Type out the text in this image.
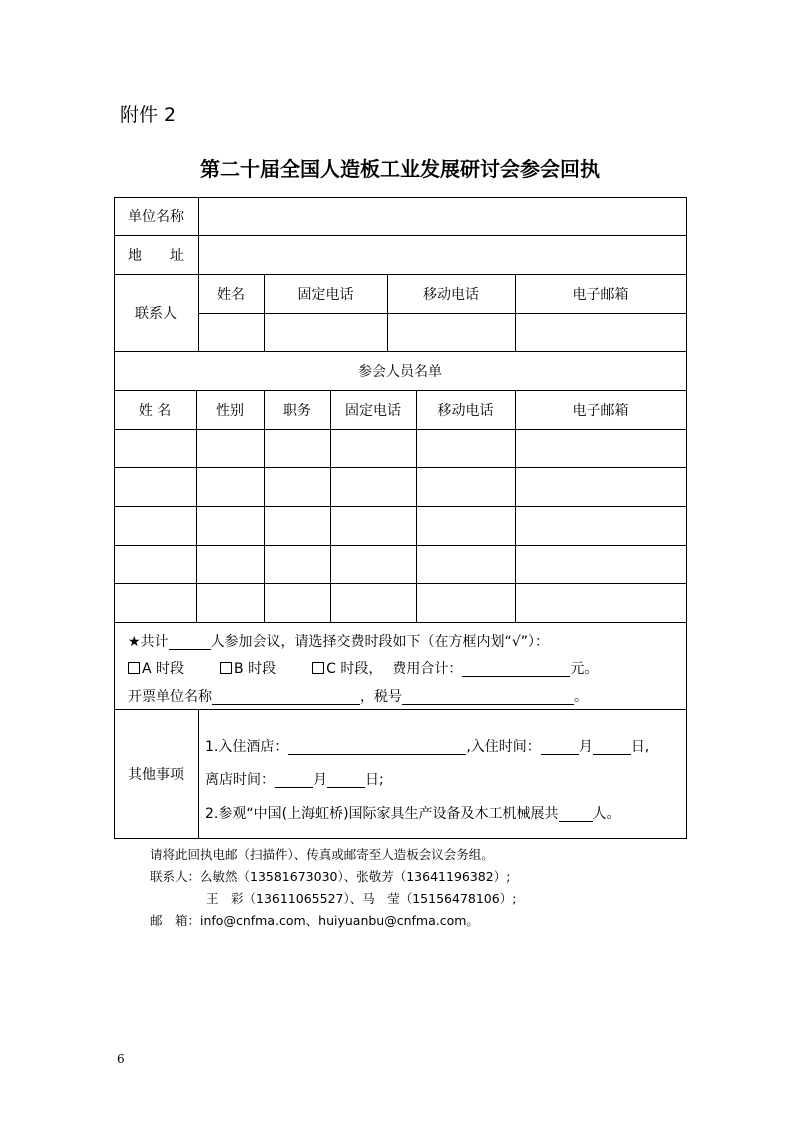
附件 2
第二十届全国人造板工业发展研讨会参会回执
单位名称
地　　址
联系人
姓名	固定电话	移动电话	电子邮箱
参会人员名单
姓 名	性别	职务	固定电话	移动电话	电子邮箱
★共计	人参加会议，请选择交费时段如下（在方框内划“√”）：
A 时段	B 时段	C 时段， 费用合计：	元。
开票单位名称	，税号	。
其他事项
1.入住酒店：	,入住时间：	月	日,
离店时间：	月	日;
2.参观“中国(上海虹桥)国际家具生产设备及木工机械展共 人。
请将此回执电邮（扫描件）、传真或邮寄至人造板会议会务组。
联系人：么敏然（13581673030）、张敬芳（13641196382）;
王　彩（13611065527）、马　莹（15156478106）;
邮　箱：info@cnfma.com、huiyuanbu@cnfma.com。
6
